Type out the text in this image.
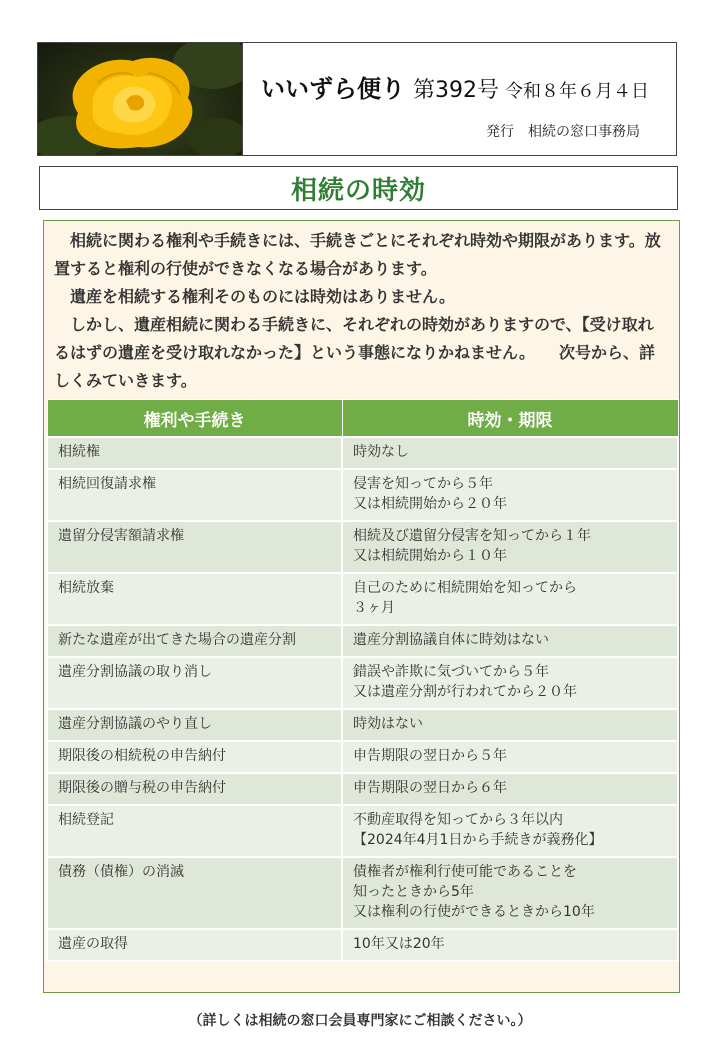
いいずら便り 第392号 令和８年６月４日
発行　相続の窓口事務局
相続の時効

　相続に関わる権利や手続きには、手続きごとにそれぞれ時効や期限があります。放置すると権利の行使ができなくなる場合があります。

　遺産を相続する権利そのものには時効はありません。

　しかし、遺産相続に関わる手続きに、それぞれの時効がありますので、【受け取れるはずの遺産を受け取れなかった】という事態になりかねません。　　次号から、詳しくみていきます。

権利や手続き	時効・期限
相続権	時効なし
相続回復請求権	侵害を知ってから５年
又は相続開始から２０年
遺留分侵害額請求権	相続及び遺留分侵害を知ってから１年
又は相続開始から１０年
相続放棄	自己のために相続開始を知ってから
３ヶ月
新たな遺産が出てきた場合の遺産分割	遺産分割協議自体に時効はない
遺産分割協議の取り消し	錯誤や詐欺に気づいてから５年
又は遺産分割が行われてから２０年
遺産分割協議のやり直し	時効はない
期限後の相続税の申告納付	申告期限の翌日から５年
期限後の贈与税の申告納付	申告期限の翌日から６年
相続登記	不動産取得を知ってから３年以内
【2024年4月1日から手続きが義務化】
債務（債権）の消滅	債権者が権利行使可能であることを
知ったときから5年
又は権利の行使ができるときから10年
遺産の取得	10年又は20年
（詳しくは相続の窓口会員専門家にご相談ください。）
